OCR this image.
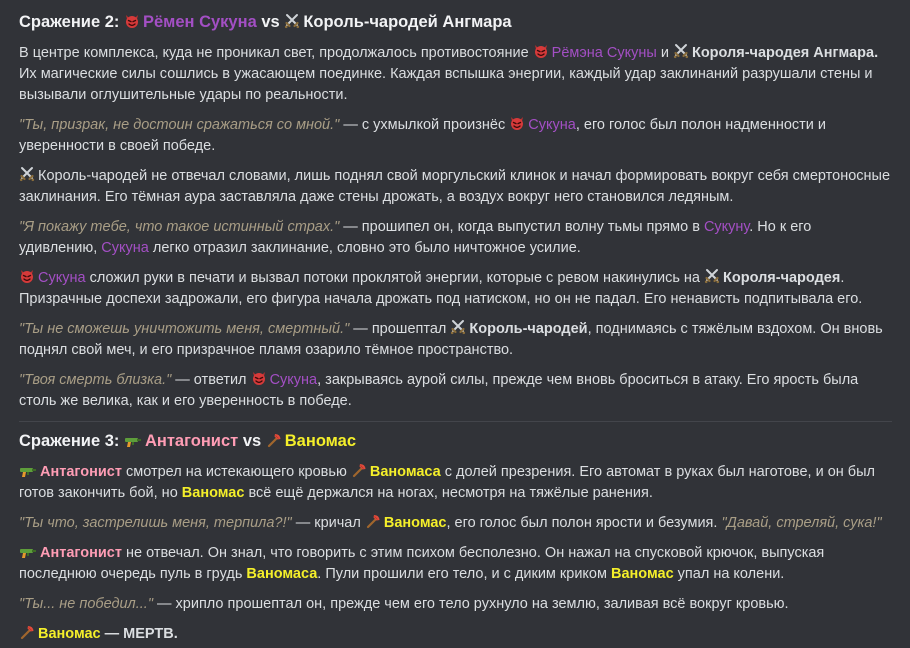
Сражение 2: Рёмен Сукуна vs Король-чародей Ангмара

В центре комплекса, куда не проникал свет, продолжалось противостояние Рёмэна Сукуны и Короля-чародея Ангмара. Их магические силы сошлись в ужасающем поединке. Каждая вспышка энергии, каждый удар заклинаний разрушали стены и вызывали оглушительные удары по реальности.

"Ты, призрак, не достоин сражаться со мной." — с ухмылкой произнёс Сукуна, его голос был полон надменности и уверенности в своей победе.

Король-чародей не отвечал словами, лишь поднял свой моргульский клинок и начал формировать вокруг себя смертоносные заклинания. Его тёмная аура заставляла даже стены дрожать, а воздух вокруг него становился ледяным.

"Я покажу тебе, что такое истинный страх." — прошипел он, когда выпустил волну тьмы прямо в Сукуну. Но к его удивлению, Сукуна легко отразил заклинание, словно это было ничтожное усилие.

Сукуна сложил руки в печати и вызвал потоки проклятой энергии, которые с ревом накинулись на Короля-чародея. Призрачные доспехи задрожали, его фигура начала дрожать под натиском, но он не падал. Его ненависть подпитывала его.

"Ты не сможешь уничтожить меня, смертный." — прошептал Король-чародей, поднимаясь с тяжёлым вздохом. Он вновь поднял свой меч, и его призрачное пламя озарило тёмное пространство.

"Твоя смерть близка." — ответил Сукуна, закрываясь аурой силы, прежде чем вновь броситься в атаку. Его ярость была столь же велика, как и его уверенность в победе.

Сражение 3: Антагонист vs Ваномас

Антагонист смотрел на истекающего кровью Ваномаса с долей презрения. Его автомат в руках был наготове, и он был готов закончить бой, но Ваномас всё ещё держался на ногах, несмотря на тяжёлые ранения.

"Ты что, застрелишь меня, терпила?!" — кричал Ваномас, его голос был полон ярости и безумия. "Давай, стреляй, сука!"

Антагонист не отвечал. Он знал, что говорить с этим психом бесполезно. Он нажал на спусковой крючок, выпуская последнюю очередь пуль в грудь Ваномаса. Пули прошили его тело, и с диким криком Ваномас упал на колени.

"Ты... не победил..." — хрипло прошептал он, прежде чем его тело рухнуло на землю, заливая всё вокруг кровью.

Ваномас — МЕРТВ.
